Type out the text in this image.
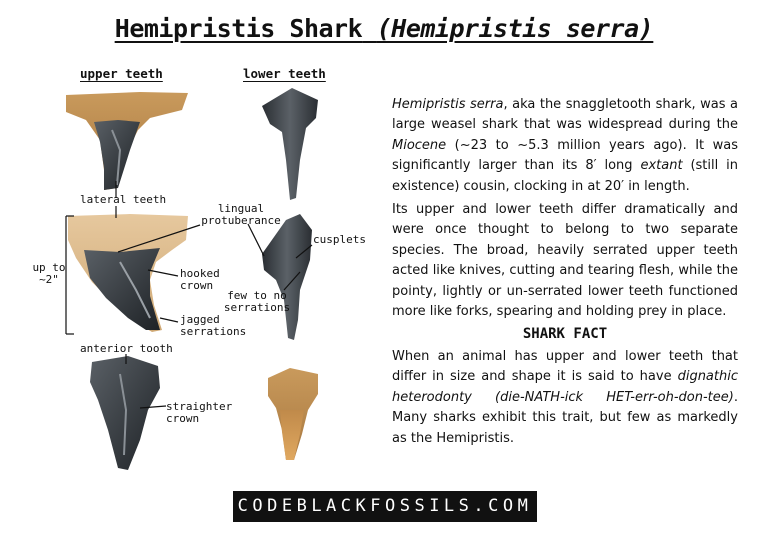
Hemipristis Shark (Hemipristis serra)
upper teeth	lower teeth
lateral teeth
lingual
protuberance
cusplets
up to
~2"	hooked
crown
few to no
serrations
jagged
serrations
anterior tooth
straighter
crown
Hemipristis serra, aka the snaggletooth shark, was a large weasel shark that was widespread during the Miocene (~23 to ~5.3 million years ago). It was significantly larger than its 8′ long extant (still in existence) cousin, clocking in at 20′ in length.
Its upper and lower teeth differ dramatically and were once thought to belong to two separate species. The broad, heavily serrated upper teeth acted like knives, cutting and tearing flesh, while the pointy, lightly or un-serrated lower teeth functioned more like forks, spearing and holding prey in place.
SHARK FACT
When an animal has upper and lower teeth that differ in size and shape it is said to have dignathic heterodonty (die-NATH-ick HET-err-oh-don-tee). Many sharks exhibit this trait, but few as markedly as the Hemipristis.
CODEBLACKFOSSILS.COM
